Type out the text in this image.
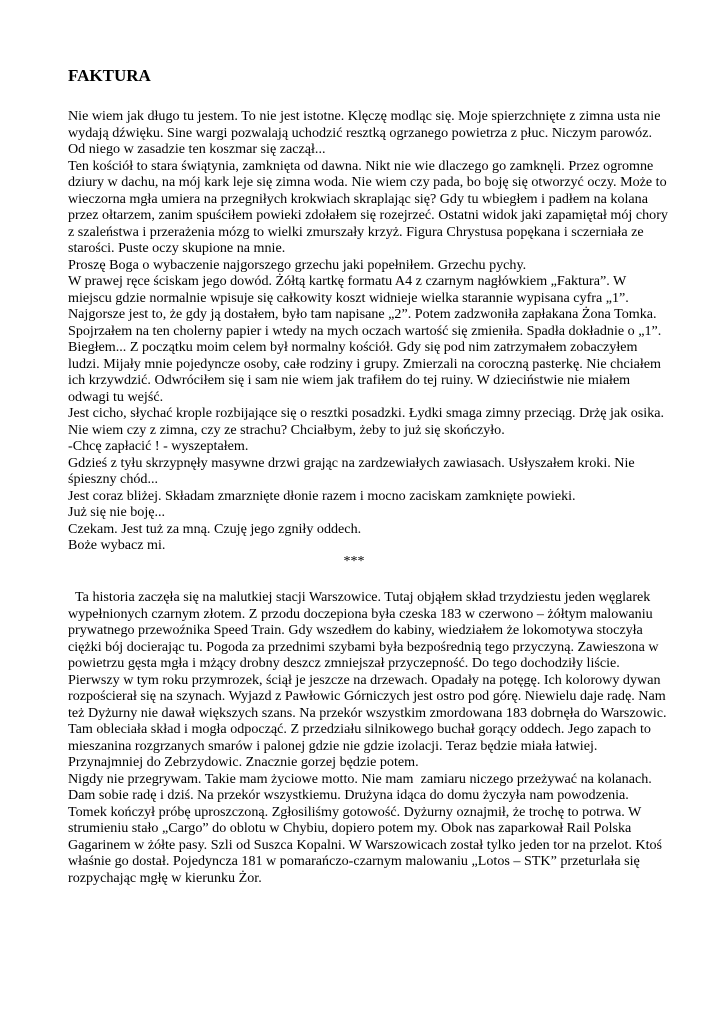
FAKTURA

Nie wiem jak długo tu jestem. To nie jest istotne. Klęczę modląc się. Moje spierzchnięte z zimna usta nie wydają dźwięku. Sine wargi pozwalają uchodzić resztką ogrzanego powietrza z płuc. Niczym parowóz.

Od niego w zasadzie ten koszmar się zaczął...

Ten kościół to stara świątynia, zamknięta od dawna. Nikt nie wie dlaczego go zamknęli. Przez ogromne dziury w dachu, na mój kark leje się zimna woda. Nie wiem czy pada, bo boję się otworzyć oczy. Może to wieczorna mgła umiera na przegniłych krokwiach skraplając się? Gdy tu wbiegłem i padłem na kolana przez ołtarzem, zanim spuściłem powieki zdołałem się rozejrzeć. Ostatni widok jaki zapamiętał mój chory z szaleństwa i przerażenia mózg to wielki zmurszały krzyż. Figura Chrystusa popękana i sczerniała ze starości. Puste oczy skupione na mnie.

Proszę Boga o wybaczenie najgorszego grzechu jaki popełniłem. Grzechu pychy.

W prawej ręce ściskam jego dowód. Żółtą kartkę formatu A4 z czarnym nagłówkiem „Faktura”. W miejscu gdzie normalnie wpisuje się całkowity koszt widnieje wielka starannie wypisana cyfra „1”. Najgorsze jest to, że gdy ją dostałem, było tam napisane „2”. Potem zadzwoniła zapłakana Żona Tomka. Spojrzałem na ten cholerny papier i wtedy na mych oczach wartość się zmieniła. Spadła dokładnie o „1”.

Biegłem... Z początku moim celem był normalny kościół. Gdy się pod nim zatrzymałem zobaczyłem ludzi. Mijały mnie pojedyncze osoby, całe rodziny i grupy. Zmierzali na coroczną pasterkę. Nie chciałem ich krzywdzić. Odwróciłem się i sam nie wiem jak trafiłem do tej ruiny. W dzieciństwie nie miałem odwagi tu wejść.

Jest cicho, słychać krople rozbijające się o resztki posadzki. Łydki smaga zimny przeciąg. Drżę jak osika. Nie wiem czy z zimna, czy ze strachu? Chciałbym, żeby to już się skończyło.

-Chcę zapłacić ! - wyszeptałem.

Gdzieś z tyłu skrzypnęły masywne drzwi grając na zardzewiałych zawiasach. Usłyszałem kroki. Nie śpieszny chód...

Jest coraz bliżej. Składam zmarznięte dłonie razem i mocno zaciskam zamknięte powieki.

Już się nie boję...

Czekam. Jest tuż za mną. Czuję jego zgniły oddech.

Boże wybacz mi.

***

Ta historia zaczęła się na malutkiej stacji Warszowice. Tutaj objąłem skład trzydziestu jeden węglarek wypełnionych czarnym złotem. Z przodu doczepiona była czeska 183 w czerwono – żółtym malowaniu prywatnego przewoźnika Speed Train. Gdy wszedłem do kabiny, wiedziałem że lokomotywa stoczyła ciężki bój docierając tu. Pogoda za przednimi szybami była bezpośrednią tego przyczyną. Zawieszona w powietrzu gęsta mgła i mżący drobny deszcz zmniejszał przyczepność. Do tego dochodziły liście. Pierwszy w tym roku przymrozek, ściął je jeszcze na drzewach. Opadały na potęgę. Ich kolorowy dywan rozpościerał się na szynach. Wyjazd z Pawłowic Górniczych jest ostro pod górę. Niewielu daje radę. Nam też Dyżurny nie dawał większych szans. Na przekór wszystkim zmordowana 183 dobrnęła do Warszowic. Tam obleciała skład i mogła odpocząć. Z przedziału silnikowego buchał gorący oddech. Jego zapach to mieszanina rozgrzanych smarów i palonej gdzie nie gdzie izolacji. Teraz będzie miała łatwiej. Przynajmniej do Zebrzydowic. Znacznie gorzej będzie potem.

Nigdy nie przegrywam. Takie mam życiowe motto. Nie mam  zamiaru niczego przeżywać na kolanach. Dam sobie radę i dziś. Na przekór wszystkiemu. Drużyna idąca do domu życzyła nam powodzenia. Tomek kończył próbę uproszczoną. Zgłosiliśmy gotowość. Dyżurny oznajmił, że trochę to potrwa. W strumieniu stało „Cargo” do oblotu w Chybiu, dopiero potem my. Obok nas zaparkował Rail Polska Gagarinem w żółte pasy. Szli od Suszca Kopalni. W Warszowicach został tylko jeden tor na przelot. Ktoś właśnie go dostał. Pojedyncza 181 w pomarańczo-czarnym malowaniu „Lotos – STK” przeturlała się rozpychając mgłę w kierunku Żor.
